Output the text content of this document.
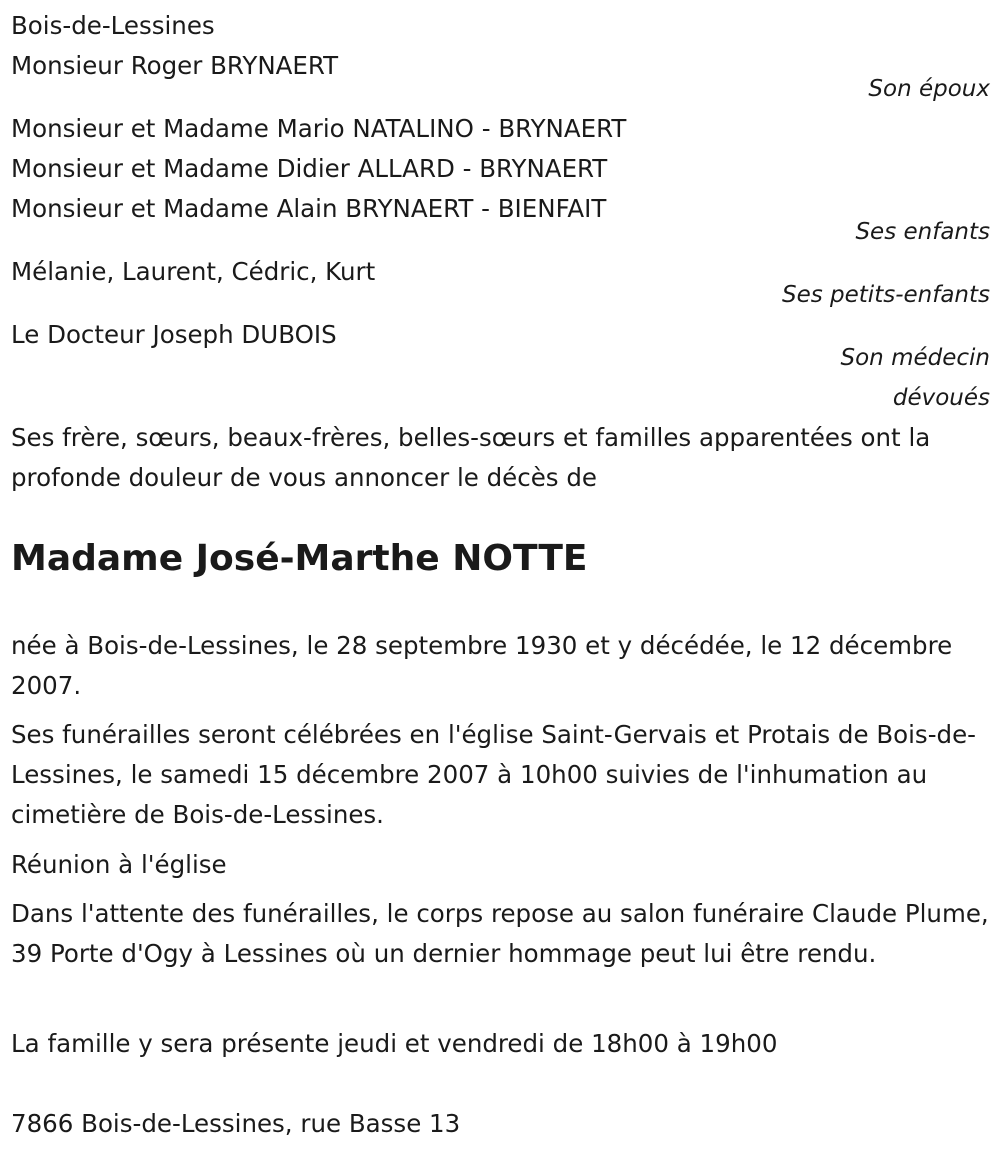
Bois-de-Lessines
Monsieur Roger BRYNAERT
Son époux
Monsieur et Madame Mario NATALINO - BRYNAERT
Monsieur et Madame Didier ALLARD - BRYNAERT
Monsieur et Madame Alain BRYNAERT - BIENFAIT
Ses enfants
Mélanie, Laurent, Cédric, Kurt
Ses petits-enfants
Le Docteur Joseph DUBOIS
Son médecin
dévoués
Ses frère, sœurs, beaux-frères, belles-sœurs et familles apparentées ont la profonde douleur de vous annoncer le décès de
Madame José-Marthe NOTTE
née à Bois-de-Lessines, le 28 septembre 1930 et y décédée, le 12 décembre 2007.
Ses funérailles seront célébrées en l'église Saint-Gervais et Protais de Bois-de-Lessines, le samedi 15 décembre 2007 à 10h00 suivies de l'inhumation au cimetière de Bois-de-Lessines.
Réunion à l'église
Dans l'attente des funérailles, le corps repose au salon funéraire Claude Plume, 39 Porte d'Ogy à Lessines où un dernier hommage peut lui être rendu.
La famille y sera présente jeudi et vendredi de 18h00 à 19h00
7866 Bois-de-Lessines, rue Basse 13
